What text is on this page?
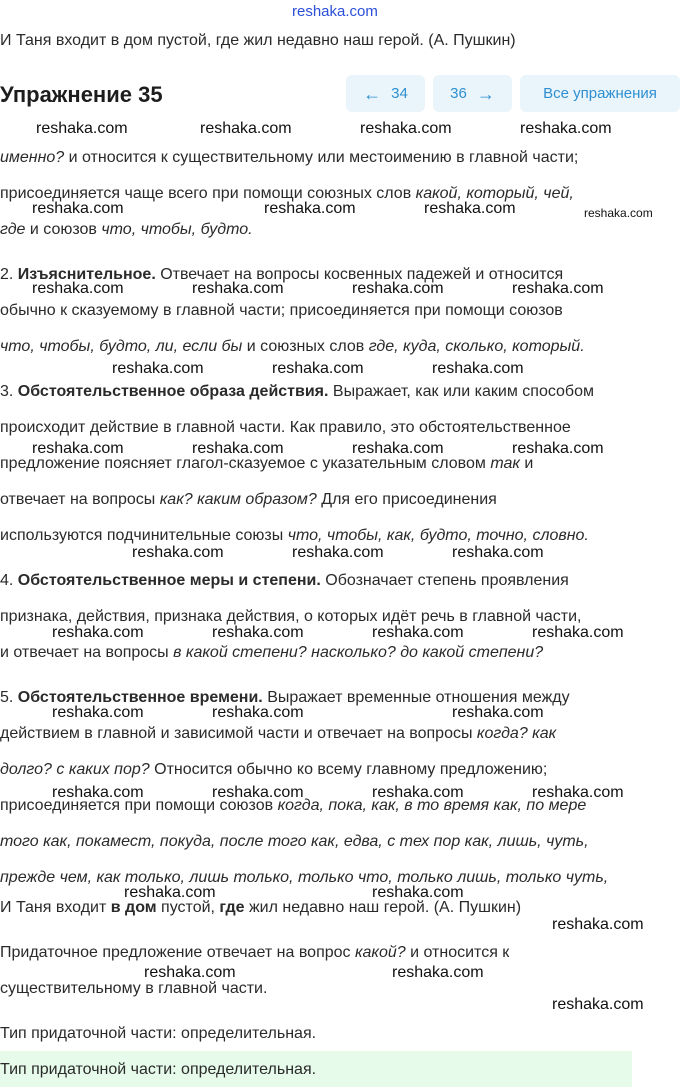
reshaka.com
И Таня входит в дом пустой, где жил недавно наш герой. (А. Пушкин)
Упражнение 35	← 34	36 →	Все упражнения
reshaka.com	reshaka.com	reshaka.com	reshaka.com
именно? и относится к существительному или местоимению в главной части;
присоединяется чаще всего при помощи союзных слов какой, который, чей,
reshaka.com	reshaka.com	reshaka.com	reshaka.com
где и союзов что, чтобы, будто.
2. Изъяснительное. Отвечает на вопросы косвенных падежей и относится
reshaka.com	reshaka.com	reshaka.com	reshaka.com
обычно к сказуемому в главной части; присоединяется при помощи союзов
что, чтобы, будто, ли, если бы и союзных слов где, куда, сколько, который.
reshaka.com	reshaka.com	reshaka.com
3. Обстоятельственное образа действия. Выражает, как или каким способом
происходит действие в главной части. Как правило, это обстоятельственное
reshaka.com	reshaka.com	reshaka.com	reshaka.com
предложение поясняет глагол-сказуемое с указательным словом так и
отвечает на вопросы как? каким образом? Для его присоединения
используются подчинительные союзы что, чтобы, как, будто, точно, словно.
reshaka.com	reshaka.com	reshaka.com
4. Обстоятельственное меры и степени. Обозначает степень проявления
признака, действия, признака действия, о которых идёт речь в главной части,
reshaka.com	reshaka.com	reshaka.com	reshaka.com
и отвечает на вопросы в какой степени? насколько? до какой степени?
5. Обстоятельственное времени. Выражает временные отношения между
reshaka.com	reshaka.com	reshaka.com
действием в главной и зависимой части и отвечает на вопросы когда? как
долго? с каких пор? Относится обычно ко всему главному предложению;
reshaka.com	reshaka.com	reshaka.com	reshaka.com
присоединяется при помощи союзов когда, пока, как, в то время как, по мере
того как, покамест, покуда, после того как, едва, с тех пор как, лишь, чуть,
прежде чем, как только, лишь только, только что, только лишь, только чуть,
reshaka.com	reshaka.com
И Таня входит в дом пустой, где жил недавно наш герой. (А. Пушкин)
reshaka.com
Придаточное предложение отвечает на вопрос какой? и относится к
reshaka.com	reshaka.com
существительному в главной части.
reshaka.com
Тип придаточной части: определительная.
Тип придаточной части: определительная.
